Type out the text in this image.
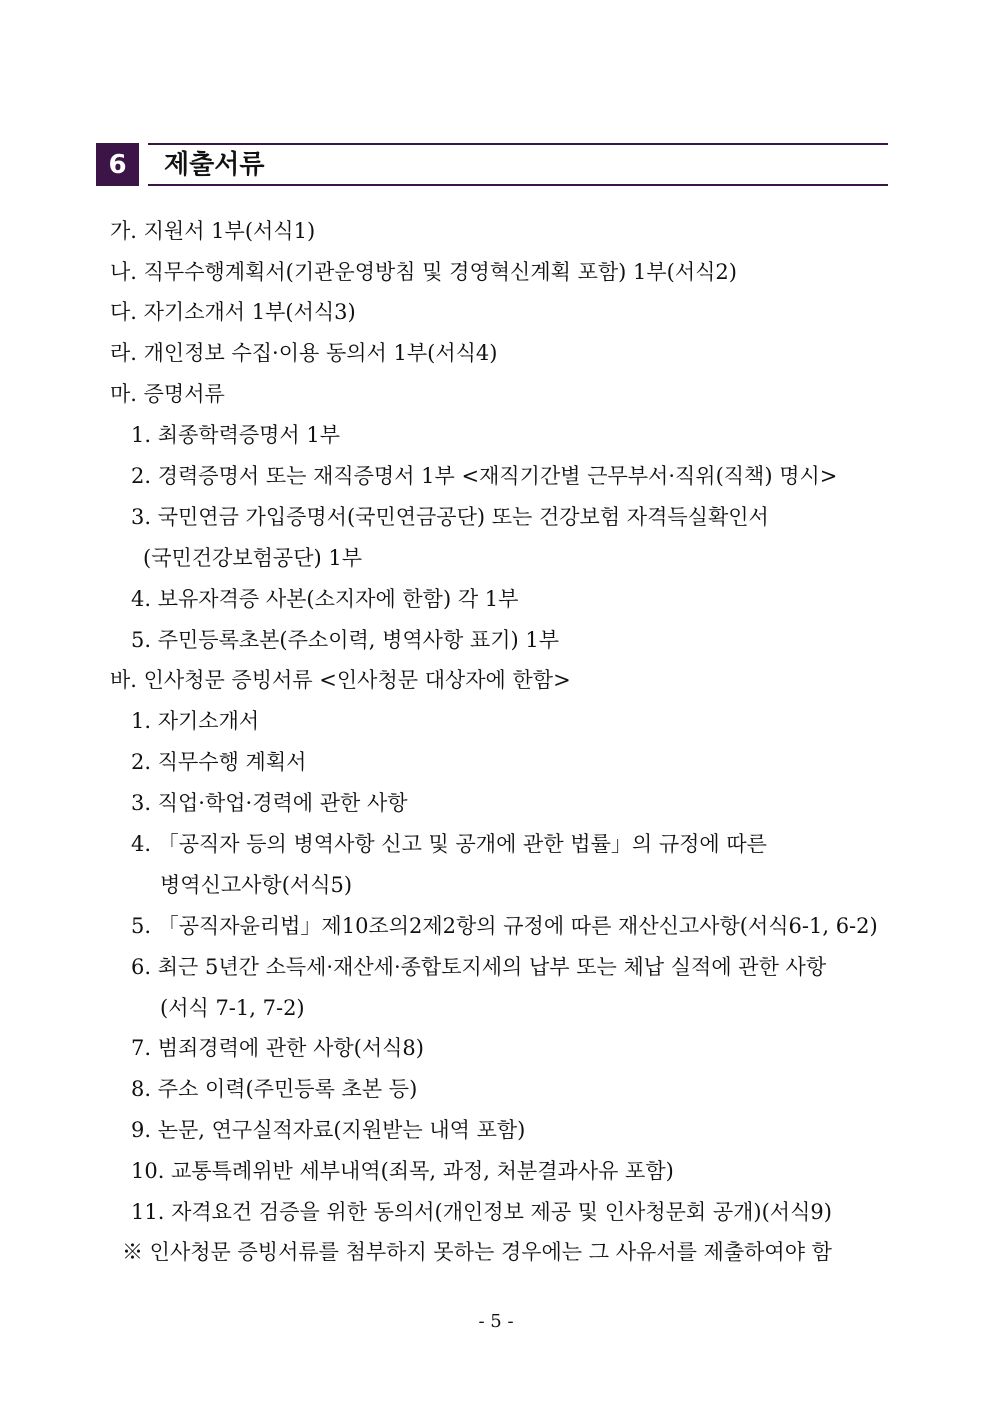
6	제출서류
가. 지원서 1부(서식1)
나. 직무수행계획서(기관운영방침 및 경영혁신계획 포함) 1부(서식2)
다. 자기소개서 1부(서식3)
라. 개인정보 수집·이용 동의서 1부(서식4)
마. 증명서류
1. 최종학력증명서 1부
2. 경력증명서 또는 재직증명서 1부 <재직기간별 근무부서·직위(직책) 명시>
3. 국민연금 가입증명서(국민연금공단) 또는 건강보험 자격득실확인서
(국민건강보험공단) 1부
4. 보유자격증 사본(소지자에 한함) 각 1부
5. 주민등록초본(주소이력, 병역사항 표기) 1부
바. 인사청문 증빙서류 <인사청문 대상자에 한함>
1. 자기소개서
2. 직무수행 계획서
3. 직업·학업·경력에 관한 사항
4. 「공직자 등의 병역사항 신고 및 공개에 관한 법률」의 규정에 따른
병역신고사항(서식5)
5. 「공직자윤리법」제10조의2제2항의 규정에 따른 재산신고사항(서식6-1, 6-2)
6. 최근 5년간 소득세·재산세·종합토지세의 납부 또는 체납 실적에 관한 사항
(서식 7-1, 7-2)
7. 범죄경력에 관한 사항(서식8)
8. 주소 이력(주민등록 초본 등)
9. 논문, 연구실적자료(지원받는 내역 포함)
10. 교통특례위반 세부내역(죄목, 과정, 처분결과사유 포함)
11. 자격요건 검증을 위한 동의서(개인정보 제공 및 인사청문회 공개)(서식9)
※ 인사청문 증빙서류를 첨부하지 못하는 경우에는 그 사유서를 제출하여야 함
- 5 -
